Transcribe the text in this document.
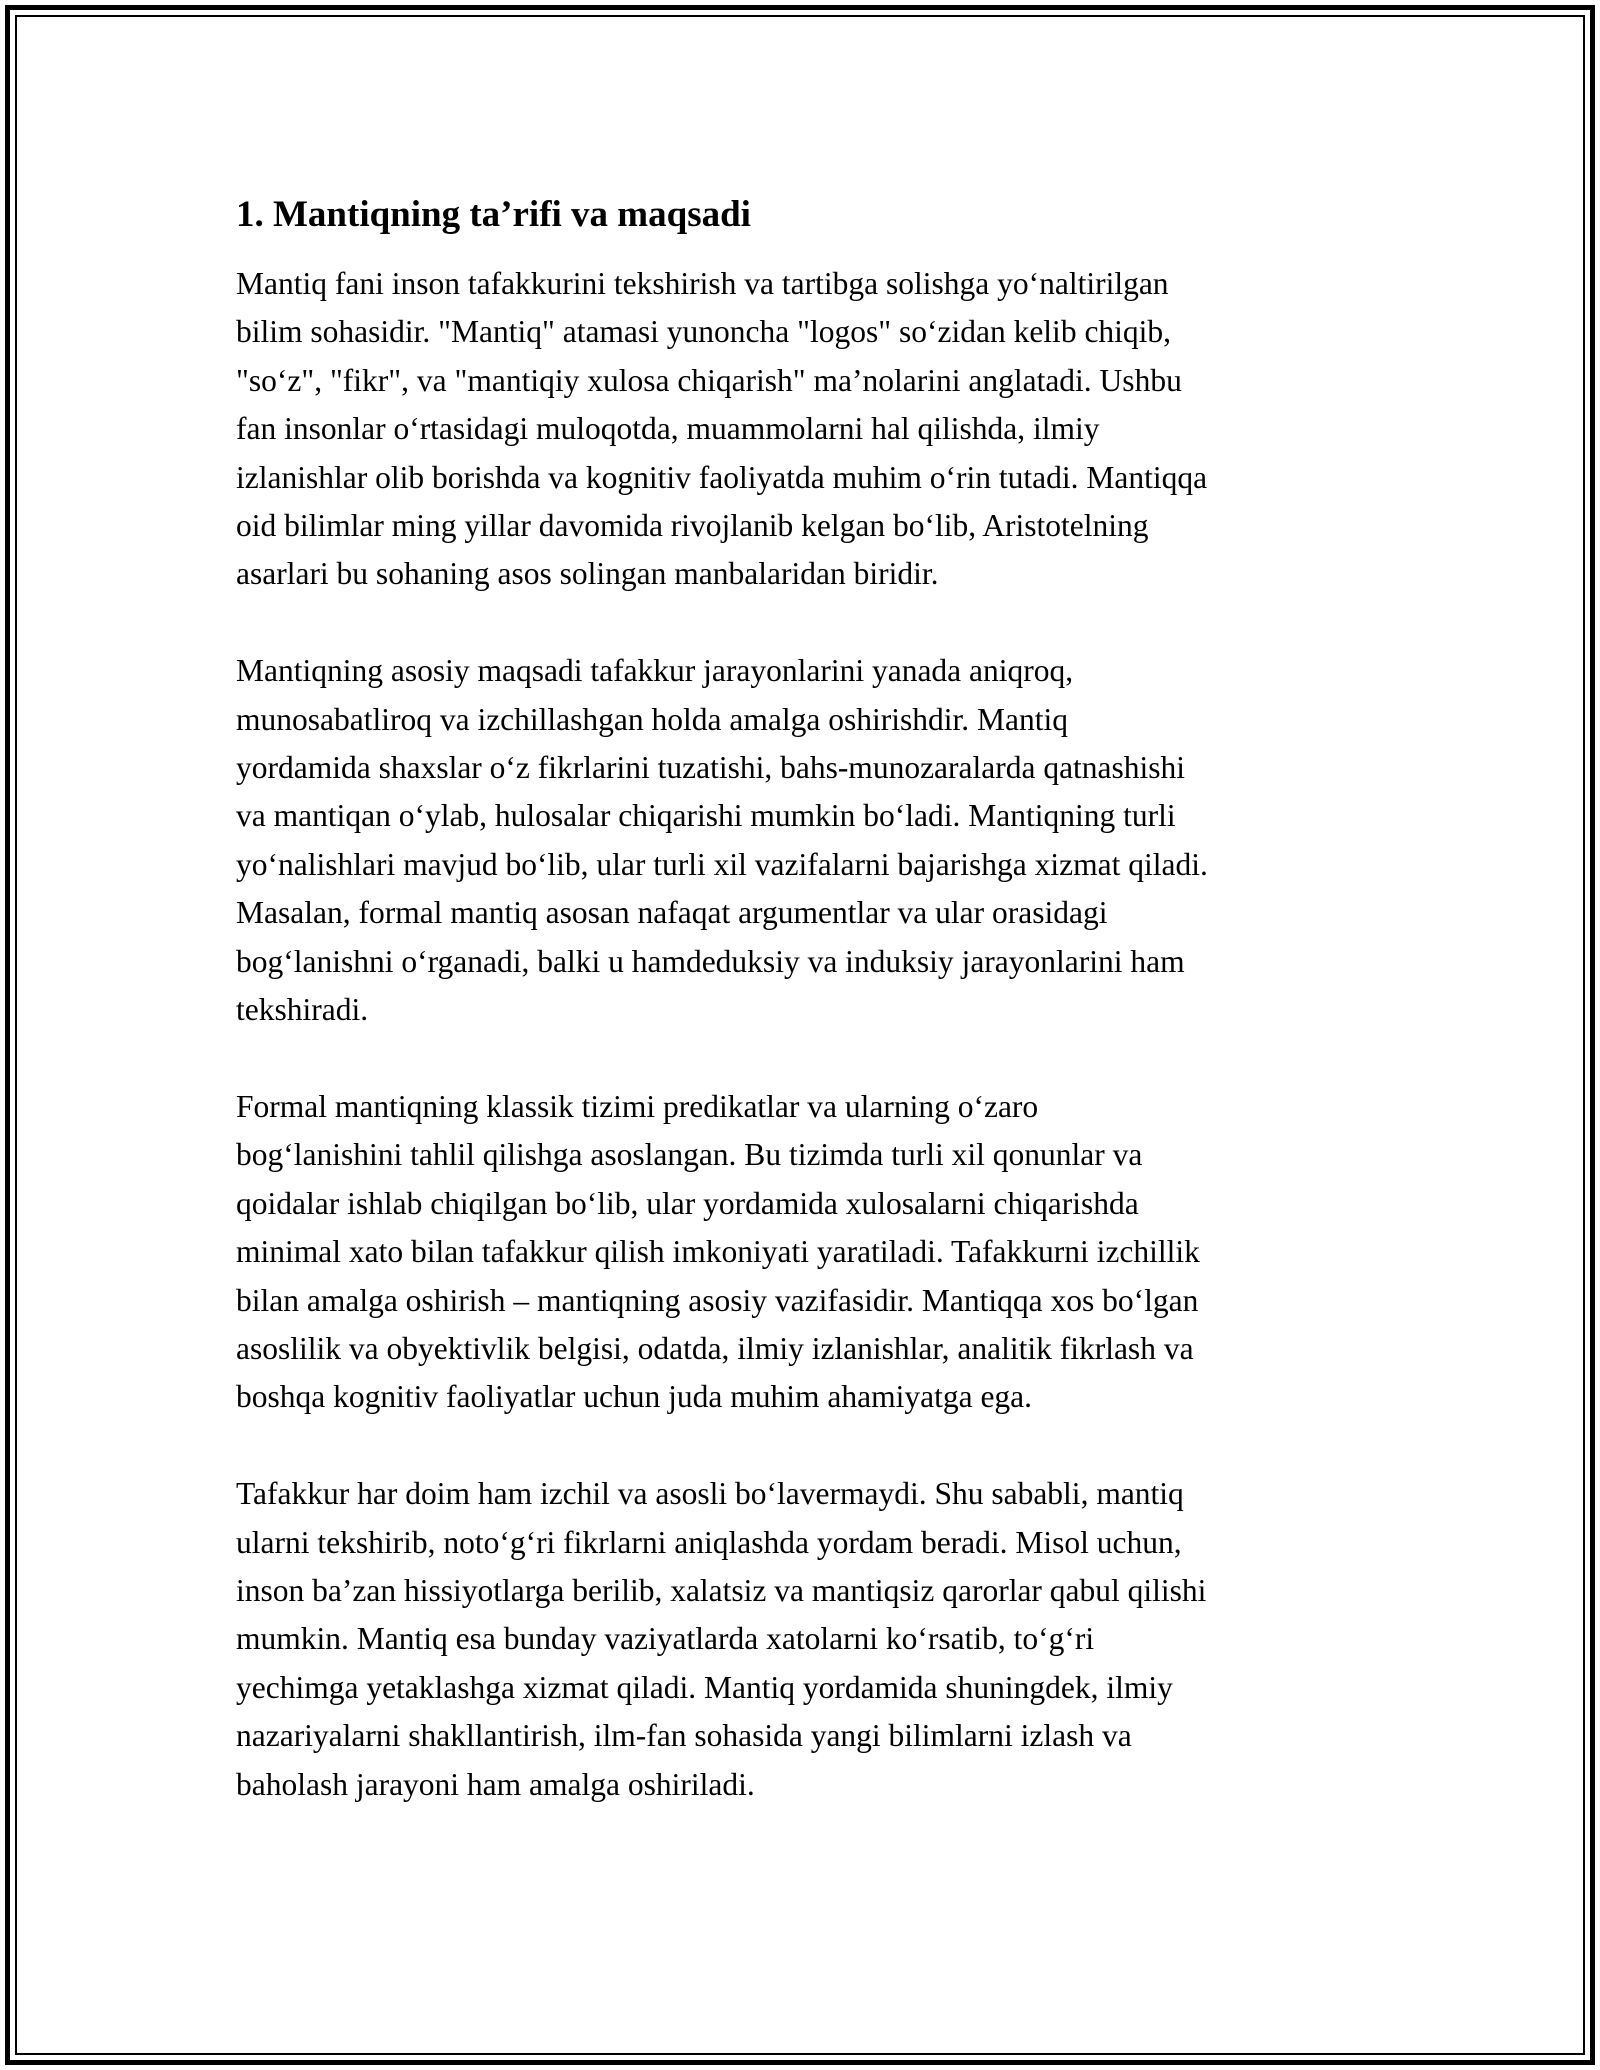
1. Mantiqning ta’rifi va maqsadi

Mantiq fani inson tafakkurini tekshirish va tartibga solishga yo‘naltirilgan
bilim sohasidir. "Mantiq" atamasi yunoncha "logos" so‘zidan kelib chiqib,
"so‘z", "fikr", va "mantiqiy xulosa chiqarish" ma’nolarini anglatadi. Ushbu
fan insonlar o‘rtasidagi muloqotda, muammolarni hal qilishda, ilmiy
izlanishlar olib borishda va kognitiv faoliyatda muhim o‘rin tutadi. Mantiqqa
oid bilimlar ming yillar davomida rivojlanib kelgan bo‘lib, Aristotelning
asarlari bu sohaning asos solingan manbalaridan biridir.

Mantiqning asosiy maqsadi tafakkur jarayonlarini yanada aniqroq,
munosabatliroq va izchillashgan holda amalga oshirishdir. Mantiq
yordamida shaxslar o‘z fikrlarini tuzatishi, bahs-munozaralarda qatnashishi
va mantiqan o‘ylab, hulosalar chiqarishi mumkin bo‘ladi. Mantiqning turli
yo‘nalishlari mavjud bo‘lib, ular turli xil vazifalarni bajarishga xizmat qiladi.
Masalan, formal mantiq asosan nafaqat argumentlar va ular orasidagi
bog‘lanishni o‘rganadi, balki u hamdeduksiy va induksiy jarayonlarini ham
tekshiradi.

Formal mantiqning klassik tizimi predikatlar va ularning o‘zaro
bog‘lanishini tahlil qilishga asoslangan. Bu tizimda turli xil qonunlar va
qoidalar ishlab chiqilgan bo‘lib, ular yordamida xulosalarni chiqarishda
minimal xato bilan tafakkur qilish imkoniyati yaratiladi. Tafakkurni izchillik
bilan amalga oshirish – mantiqning asosiy vazifasidir. Mantiqqa xos bo‘lgan
asoslilik va obyektivlik belgisi, odatda, ilmiy izlanishlar, analitik fikrlash va
boshqa kognitiv faoliyatlar uchun juda muhim ahamiyatga ega.

Tafakkur har doim ham izchil va asosli bo‘lavermaydi. Shu sababli, mantiq
ularni tekshirib, noto‘g‘ri fikrlarni aniqlashda yordam beradi. Misol uchun,
inson ba’zan hissiyotlarga berilib, xalatsiz va mantiqsiz qarorlar qabul qilishi
mumkin. Mantiq esa bunday vaziyatlarda xatolarni ko‘rsatib, to‘g‘ri
yechimga yetaklashga xizmat qiladi. Mantiq yordamida shuningdek, ilmiy
nazariyalarni shakllantirish, ilm-fan sohasida yangi bilimlarni izlash va
baholash jarayoni ham amalga oshiriladi.
